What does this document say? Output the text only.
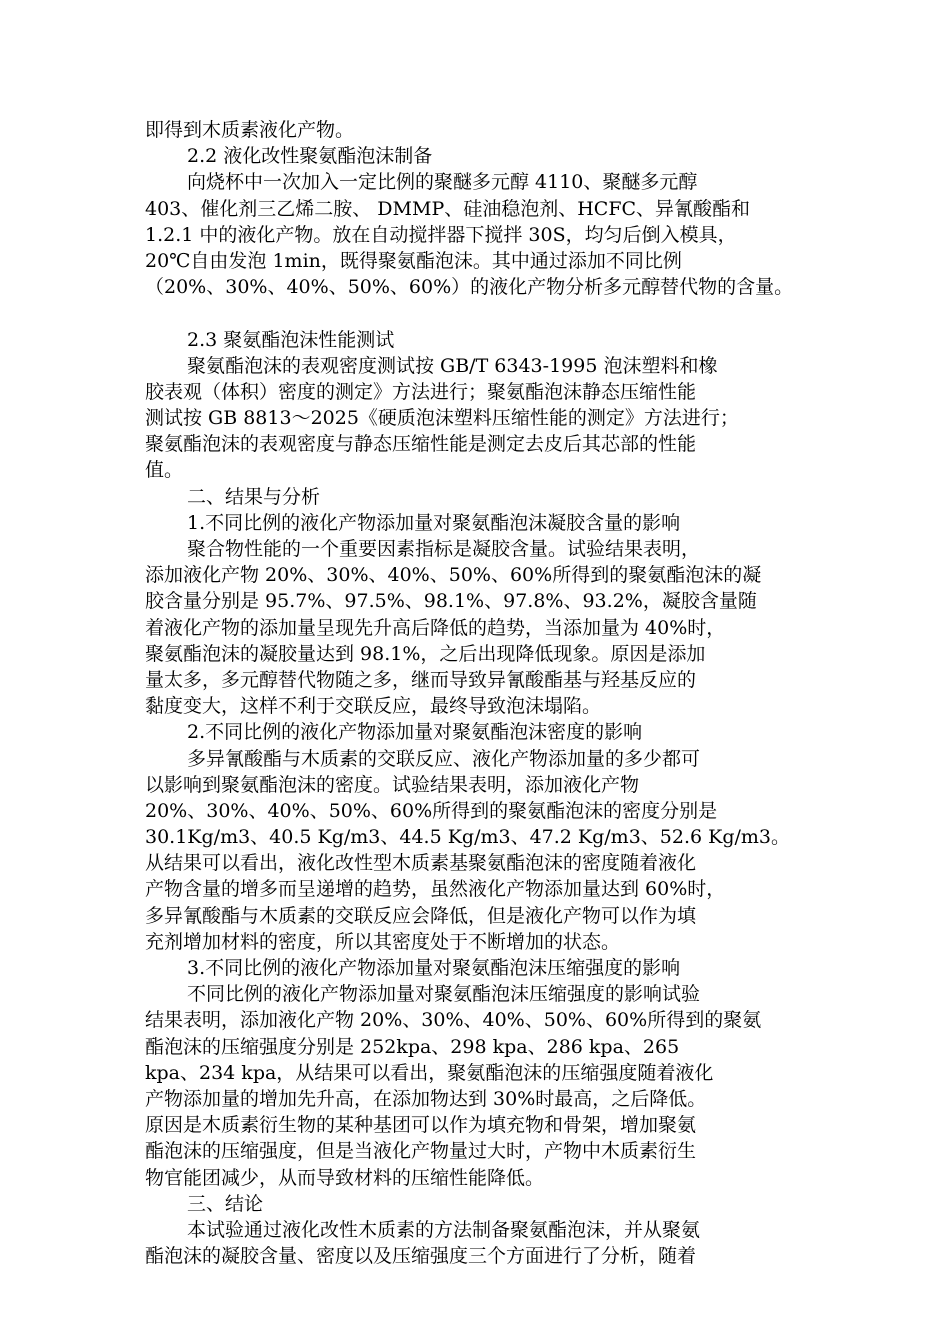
即得到木质素液化产物。
2.2 液化改性聚氨酯泡沫制备
向烧杯中一次加入一定比例的聚醚多元醇 4110、聚醚多元醇
403、催化剂三乙烯二胺、 DMMP、硅油稳泡剂、HCFC、异氰酸酯和
1.2.1 中的液化产物。放在自动搅拌器下搅拌 30S，均匀后倒入模具，
20℃自由发泡 1min，既得聚氨酯泡沫。其中通过添加不同比例
（20%、30%、40%、50%、60%）的液化产物分析多元醇替代物的含量。
2.3 聚氨酯泡沫性能测试
聚氨酯泡沫的表观密度测试按 GB/T 6343-1995 泡沫塑料和橡
胶表观（体积）密度的测定》方法进行；聚氨酯泡沫静态压缩性能
测试按 GB 8813～2025《硬质泡沫塑料压缩性能的测定》方法进行；
聚氨酯泡沫的表观密度与静态压缩性能是测定去皮后其芯部的性能
值。
二、结果与分析
1.不同比例的液化产物添加量对聚氨酯泡沫凝胶含量的影响
聚合物性能的一个重要因素指标是凝胶含量。试验结果表明，
添加液化产物 20%、30%、40%、50%、60%所得到的聚氨酯泡沫的凝
胶含量分别是 95.7%、97.5%、98.1%、97.8%、93.2%，凝胶含量随
着液化产物的添加量呈现先升高后降低的趋势，当添加量为 40%时，
聚氨酯泡沫的凝胶量达到 98.1%，之后出现降低现象。原因是添加
量太多，多元醇替代物随之多，继而导致异氰酸酯基与羟基反应的
黏度变大，这样不利于交联反应，最终导致泡沫塌陷。
2.不同比例的液化产物添加量对聚氨酯泡沫密度的影响
多异氰酸酯与木质素的交联反应、液化产物添加量的多少都可
以影响到聚氨酯泡沫的密度。试验结果表明，添加液化产物
20%、30%、40%、50%、60%所得到的聚氨酯泡沫的密度分别是
30.1Kg/m3、40.5 Kg/m3、44.5 Kg/m3、47.2 Kg/m3、52.6 Kg/m3。
从结果可以看出，液化改性型木质素基聚氨酯泡沫的密度随着液化
产物含量的增多而呈递增的趋势，虽然液化产物添加量达到 60%时，
多异氰酸酯与木质素的交联反应会降低，但是液化产物可以作为填
充剂增加材料的密度，所以其密度处于不断增加的状态。
3.不同比例的液化产物添加量对聚氨酯泡沫压缩强度的影响
不同比例的液化产物添加量对聚氨酯泡沫压缩强度的影响试验
结果表明，添加液化产物 20%、30%、40%、50%、60%所得到的聚氨
酯泡沫的压缩强度分别是 252kpa、298 kpa、286 kpa、265
kpa、234 kpa，从结果可以看出，聚氨酯泡沫的压缩强度随着液化
产物添加量的增加先升高，在添加物达到 30%时最高，之后降低。
原因是木质素衍生物的某种基团可以作为填充物和骨架，增加聚氨
酯泡沫的压缩强度，但是当液化产物量过大时，产物中木质素衍生
物官能团减少，从而导致材料的压缩性能降低。
三、结论
本试验通过液化改性木质素的方法制备聚氨酯泡沫，并从聚氨
酯泡沫的凝胶含量、密度以及压缩强度三个方面进行了分析，随着
